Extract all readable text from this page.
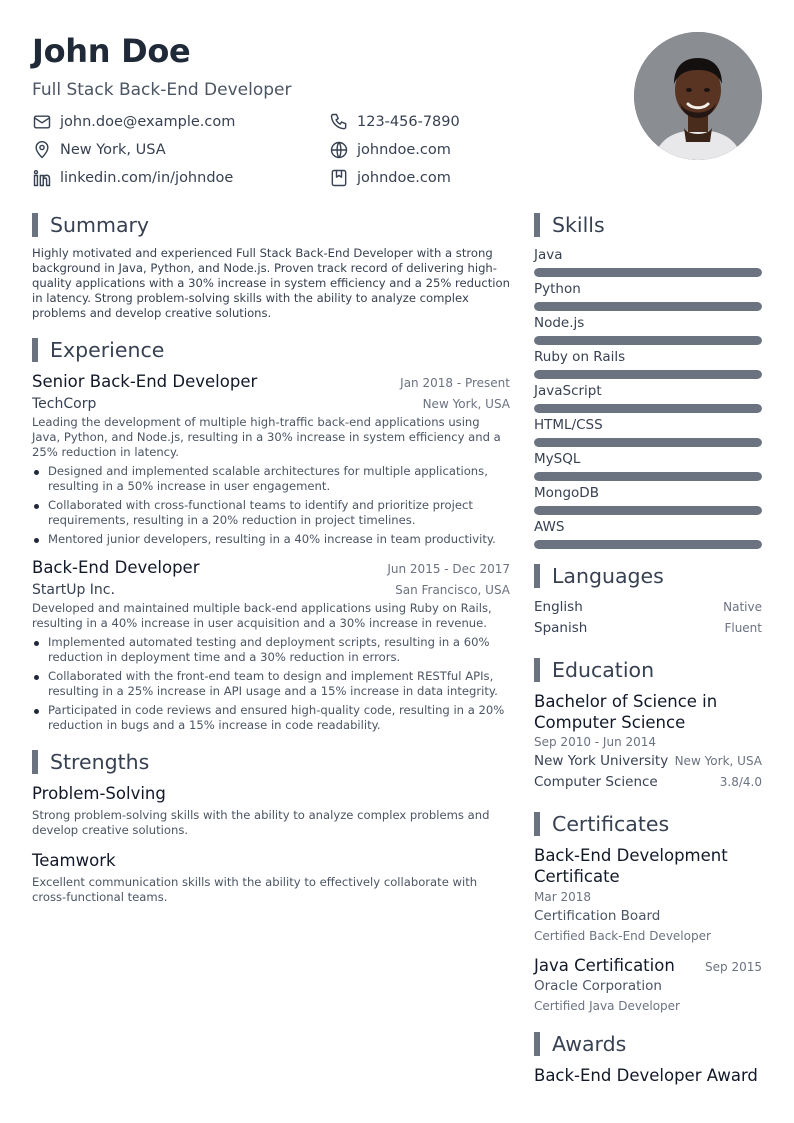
John Doe
Full Stack Back-End Developer
john.doe@example.com	123-456-7890
New York, USA	johndoe.com
linkedin.com/in/johndoe	johndoe.com
Summary
Highly motivated and experienced Full Stack Back-End Developer with a strong background in Java, Python, and Node.js. Proven track record of delivering high-quality applications with a 30% increase in system efficiency and a 25% reduction in latency. Strong problem-solving skills with the ability to analyze complex problems and develop creative solutions.
Experience
Senior Back-End Developer	Jan 2018 - Present
TechCorp	New York, USA
Leading the development of multiple high-traffic back-end applications using Java, Python, and Node.js, resulting in a 30% increase in system efficiency and a 25% reduction in latency.
Designed and implemented scalable architectures for multiple applications, resulting in a 50% increase in user engagement.
Collaborated with cross-functional teams to identify and prioritize project requirements, resulting in a 20% reduction in project timelines.
Mentored junior developers, resulting in a 40% increase in team productivity.
Back-End Developer	Jun 2015 - Dec 2017
StartUp Inc.	San Francisco, USA
Developed and maintained multiple back-end applications using Ruby on Rails, resulting in a 40% increase in user acquisition and a 30% increase in revenue.
Implemented automated testing and deployment scripts, resulting in a 60% reduction in deployment time and a 30% reduction in errors.
Collaborated with the front-end team to design and implement RESTful APIs, resulting in a 25% increase in API usage and a 15% increase in data integrity.
Participated in code reviews and ensured high-quality code, resulting in a 20% reduction in bugs and a 15% increase in code readability.
Strengths
Problem-Solving
Strong problem-solving skills with the ability to analyze complex problems and develop creative solutions.
Teamwork
Excellent communication skills with the ability to effectively collaborate with cross-functional teams.
Skills
Java
Python
Node.js
Ruby on Rails
JavaScript
HTML/CSS
MySQL
MongoDB
AWS
Languages
English	Native
Spanish	Fluent
Education
Bachelor of Science in Computer Science
Sep 2010 - Jun 2014
New York University New York, USA
Computer Science	3.8/4.0
Certificates
Back-End Development Certificate
Mar 2018
Certification Board
Certified Back-End Developer
Java Certification	Sep 2015
Oracle Corporation
Certified Java Developer
Awards
Back-End Developer Award
